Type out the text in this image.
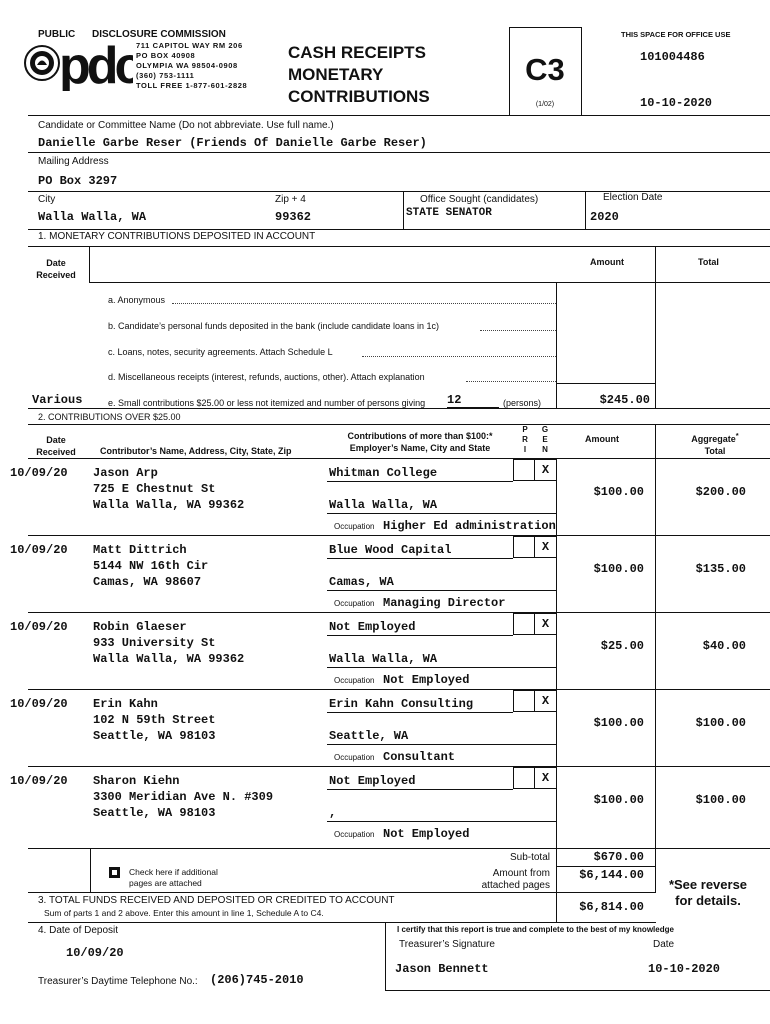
PUBLIC DISCLOSURE COMMISSION
pdc
711 CAPITOL WAY RM 206
PO BOX 40908
OLYMPIA WA 98504-0908
(360) 753-1111
TOLL FREE 1-877-601-2828
CASH RECEIPTS
MONETARY
CONTRIBUTIONS
C3
(1/02)
THIS SPACE FOR OFFICE USE
101004486
10-10-2020
Candidate or Committee Name (Do not abbreviate. Use full name.)
Danielle Garbe Reser (Friends Of Danielle Garbe Reser)
Mailing Address
PO Box 3297
City	Zip + 4	Office Sought (candidates)	Election Date
Walla Walla, WA	99362	STATE SENATOR	2020
1. MONETARY CONTRIBUTIONS DEPOSITED IN ACCOUNT
Date
Received
Amount	Total
a. Anonymous
b. Candidate’s personal funds deposited in the bank (include candidate loans in 1c)
c. Loans, notes, security agreements. Attach Schedule L
d. Miscellaneous receipts (interest, refunds, auctions, other). Attach explanation
Various	e. Small contributions $25.00 or less not itemized and number of persons giving 12	(persons)	$245.00
2. CONTRIBUTIONS OVER $25.00
Date
Received	Contributor’s Name, Address, City, State, Zip
Contributions of more than $100:*
Employer’s Name, City and State
P
R
I
G
E
N
Amount	Aggregate*
Total
10/09/20 Jason Arp
725 E Chestnut St
Walla Walla, WA 99362
Whitman College
Walla Walla, WA
Occupation Higher Ed administration
X
$100.00	$200.00
10/09/20 Matt Dittrich
5144 NW 16th Cir
Camas, WA 98607
Blue Wood Capital
Camas, WA
Occupation Managing Director
X
$100.00	$135.00
10/09/20 Robin Glaeser
933 University St
Walla Walla, WA 99362
Not Employed
Walla Walla, WA
Occupation Not Employed
X
$25.00	$40.00
10/09/20 Erin Kahn
102 N 59th Street
Seattle, WA 98103
Erin Kahn Consulting
Seattle, WA
Occupation Consultant
X
$100.00	$100.00
10/09/20 Sharon Kiehn
3300 Meridian Ave N. #309
Seattle, WA 98103
Not Employed
,
Occupation Not Employed
X
$100.00	$100.00
Check here if additional
pages are attached
Sub-total	$670.00
Amount from
attached pages
$6,144.00
*See reverse
for details.
3. TOTAL FUNDS RECEIVED AND DEPOSITED OR CREDITED TO ACCOUNT
Sum of parts 1 and 2 above. Enter this amount in line 1, Schedule A to C4.	$6,814.00
4. Date of Deposit
10/09/20
I certify that this report is true and complete to the best of my knowledge
Treasurer’s Signature	Date
Jason Bennett	10-10-2020
Treasurer’s Daytime Telephone No.: (206)745-2010
